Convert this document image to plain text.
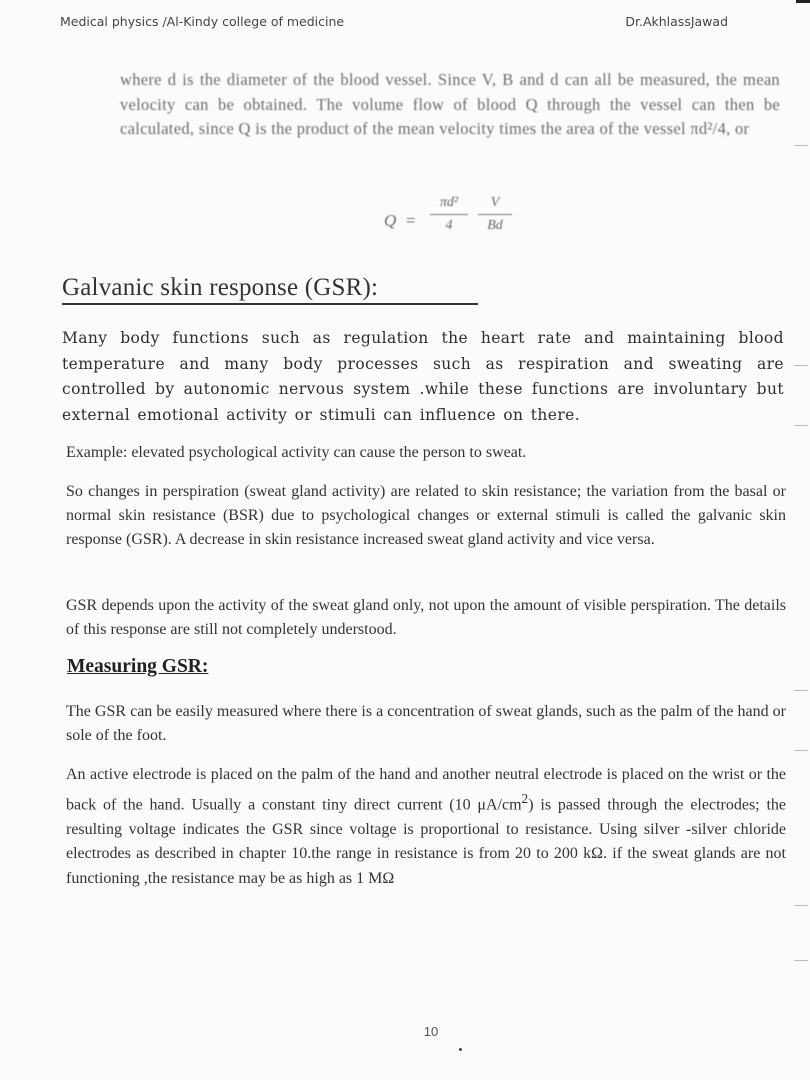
Medical physics /Al-Kindy college of medicine	Dr.AkhlassJawad
where d is the diameter of the blood vessel. Since V, B and d can all be measured, the mean velocity can be obtained. The volume flow of blood Q through the vessel can then be calculated, since Q is the product of the mean velocity times the area of the vessel πd²/4, or
Q =
πd²
4
V
Bd
Galvanic skin response (GSR):
Many body functions such as regulation the heart rate and maintaining blood temperature and many body processes such as respiration and sweating are controlled by autonomic nervous system .while these functions are involuntary but external emotional activity or stimuli can influence on there.
Example: elevated psychological activity can cause the person to sweat.
So changes in perspiration (sweat gland activity) are related to skin resistance; the variation from the basal or normal skin resistance (BSR) due to psychological changes or external stimuli is called the galvanic skin response (GSR). A decrease in skin resistance increased sweat gland activity and vice versa.
GSR depends upon the activity of the sweat gland only, not upon the amount of visible perspiration. The details of this response are still not completely understood.
Measuring GSR:
The GSR can be easily measured where there is a concentration of sweat glands, such as the palm of the hand or sole of the foot.
An active electrode is placed on the palm of the hand and another neutral electrode is placed on the wrist or the back of the hand. Usually a constant tiny direct current (10 $\mu A/cm^2$) is passed through the electrodes; the resulting voltage indicates the GSR since voltage is proportional to resistance. Using silver -silver chloride electrodes as described in chapter 10.the range in resistance is from 20 to 200 kΩ. if the sweat glands are not functioning ,the resistance may be as high as 1 MΩ
10
